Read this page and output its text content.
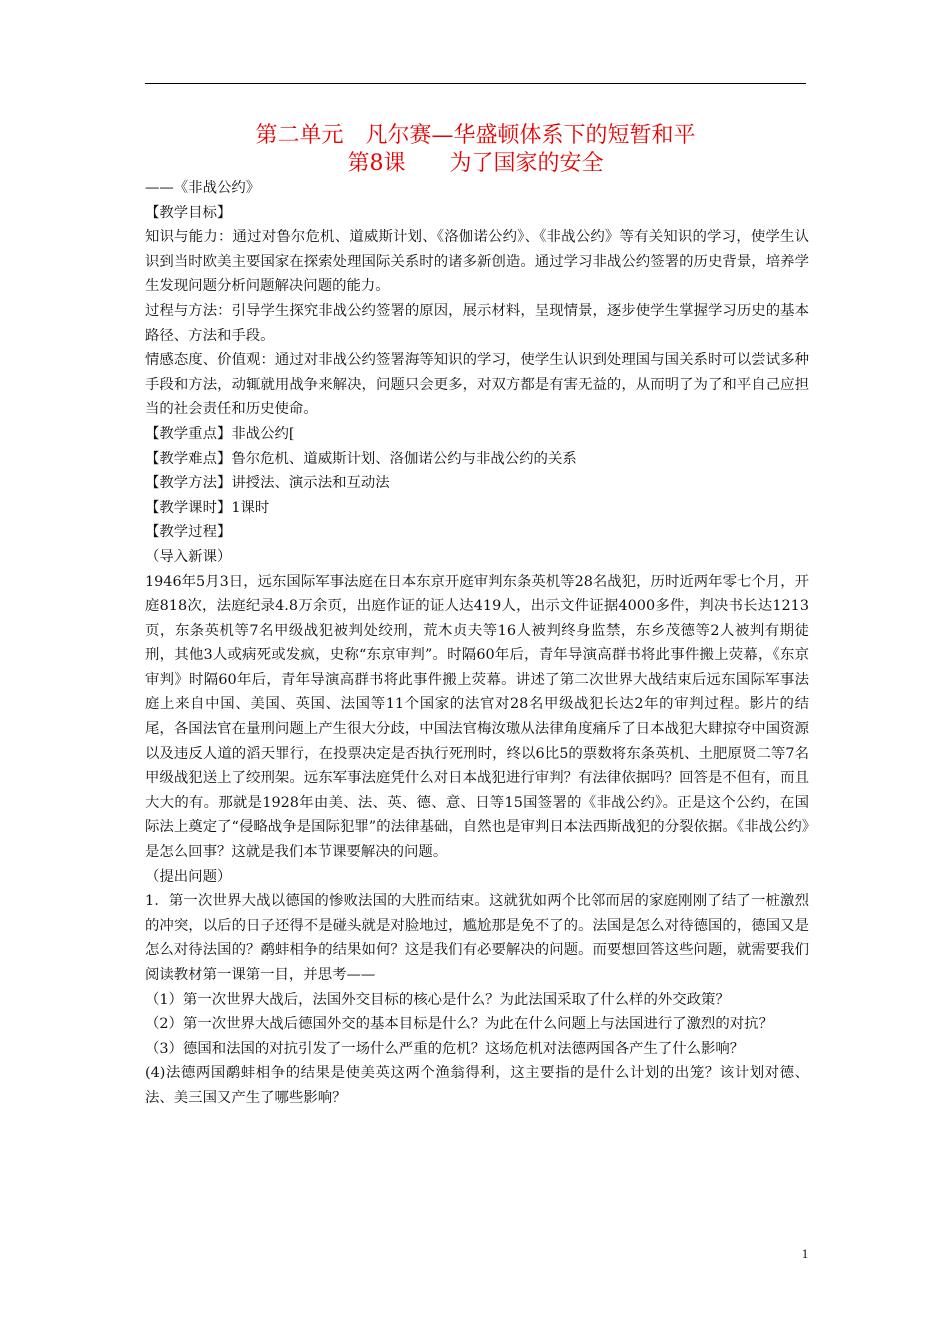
第二单元　凡尔赛—华盛顿体系下的短暂和平
第8课　　为了国家的安全

——《非战公约》

【教学目标】

知识与能力：通过对鲁尔危机、道威斯计划、《洛伽诺公约》、《非战公约》等有关知识的学习，使学生认识到当时欧美主要国家在探索处理国际关系时的诸多新创造。通过学习非战公约签署的历史背景，培养学生发现问题分析问题解决问题的能力。

过程与方法：引导学生探究非战公约签署的原因，展示材料，呈现情景，逐步使学生掌握学习历史的基本路径、方法和手段。

情感态度、价值观：通过对非战公约签署海等知识的学习，使学生认识到处理国与国关系时可以尝试多种手段和方法，动辄就用战争来解决，问题只会更多，对双方都是有害无益的，从而明了为了和平自己应担当的社会责任和历史使命。

【教学重点】非战公约[

【教学难点】鲁尔危机、道威斯计划、洛伽诺公约与非战公约的关系

【教学方法】讲授法、演示法和互动法

【教学课时】1课时

【教学过程】

（导入新课）

1946年5月3日，远东国际军事法庭在日本东京开庭审判东条英机等28名战犯，历时近两年零七个月，开庭818次，法庭纪录4.8万余页，出庭作证的证人达419人，出示文件证据4000多件，判决书长达1213页，东条英机等7名甲级战犯被判处绞刑，荒木贞夫等16人被判终身监禁，东乡茂德等2人被判有期徒刑，其他3人或病死或发疯，史称“东京审判”。时隔60年后，青年导演高群书将此事件搬上荧幕，《东京审判》时隔60年后，青年导演高群书将此事件搬上荧幕。讲述了第二次世界大战结束后远东国际军事法庭上来自中国、美国、英国、法国等11个国家的法官对28名甲级战犯长达2年的审判过程。影片的结尾，各国法官在量刑问题上产生很大分歧，中国法官梅汝璈从法律角度痛斥了日本战犯大肆掠夺中国资源以及违反人道的滔天罪行，在投票决定是否执行死刑时，终以6比5的票数将东条英机、土肥原贤二等7名甲级战犯送上了绞刑架。远东军事法庭凭什么对日本战犯进行审判？有法律依据吗？回答是不但有，而且大大的有。那就是1928年由美、法、英、德、意、日等15国签署的《非战公约》。正是这个公约，在国际法上奠定了“侵略战争是国际犯罪”的法律基础，自然也是审判日本法西斯战犯的分裂依据。《非战公约》是怎么回事？这就是我们本节课要解决的问题。

（提出问题）

1．第一次世界大战以德国的惨败法国的大胜而结束。这就犹如两个比邻而居的家庭刚刚了结了一桩激烈的冲突，以后的日子还得不是碰头就是对脸地过，尴尬那是免不了的。法国是怎么对待德国的，德国又是怎么对待法国的？鹬蚌相争的结果如何？这是我们有必要解决的问题。而要想回答这些问题，就需要我们阅读教材第一课第一目，并思考——

（1）第一次世界大战后，法国外交目标的核心是什么？为此法国采取了什么样的外交政策？

（2）第一次世界大战后德国外交的基本目标是什么？为此在什么问题上与法国进行了激烈的对抗？

（3）德国和法国的对抗引发了一场什么严重的危机？这场危机对法德两国各产生了什么影响？

(4)法德两国鹬蚌相争的结果是使美英这两个渔翁得利，这主要指的是什么计划的出笼？该计划对德、法、美三国又产生了哪些影响？

1
